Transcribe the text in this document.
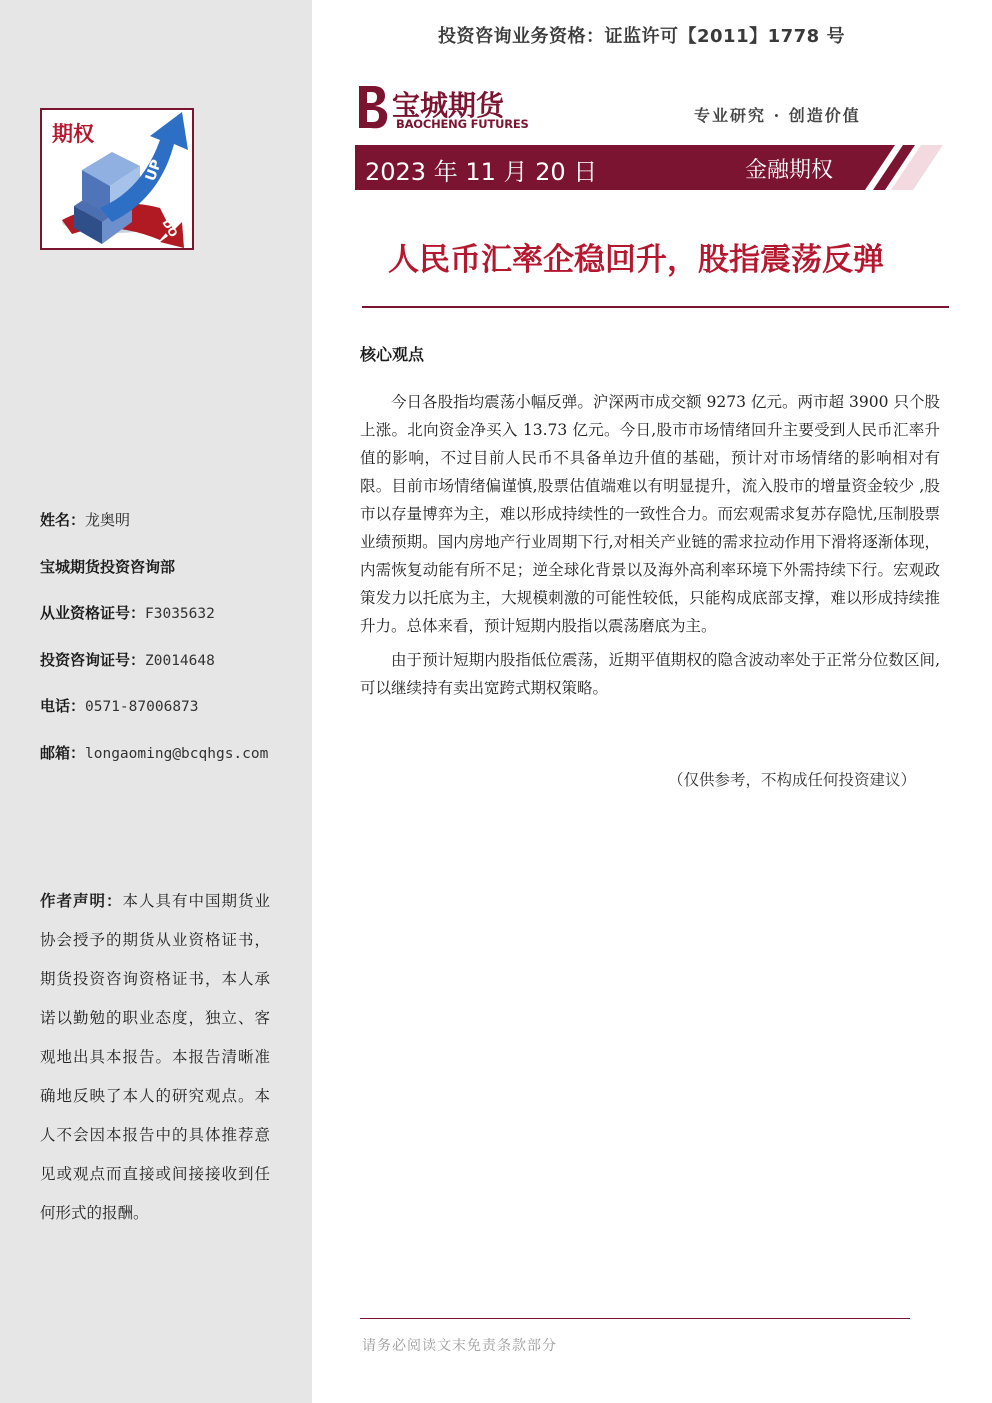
UP
DO
期权
姓名：龙奥明
宝城期货投资咨询部
从业资格证号：F3035632
投资咨询证号：Z0014648
电话：0571-87006873
邮箱：longaoming@bcqhgs.com
作者声明：本人具有中国期货业协会授予的期货从业资格证书，期货投资咨询资格证书，本人承诺以勤勉的职业态度，独立、客观地出具本报告。本报告清晰准确地反映了本人的研究观点。本人不会因本报告中的具体推荐意见或观点而直接或间接接收到任何形式的报酬。
投资咨询业务资格：证监许可【2011】1778 号
宝城期货
BAOCHENG FUTURES	专业研究 · 创造价值
2023 年 11 月 20 日	金融期权
人民币汇率企稳回升，股指震荡反弹
核心观点

今日各股指均震荡小幅反弹。沪深两市成交额 9273 亿元。两市超 3900 只个股上涨。北向资金净买入 13.73 亿元。今日,股市市场情绪回升主要受到人民币汇率升值的影响，不过目前人民币不具备单边升值的基础，预计对市场情绪的影响相对有限。目前市场情绪偏谨慎,股票估值端难以有明显提升，流入股市的增量资金较少 ,股市以存量博弈为主，难以形成持续性的一致性合力。而宏观需求复苏存隐忧,压制股票业绩预期。国内房地产行业周期下行,对相关产业链的需求拉动作用下滑将逐渐体现，内需恢复动能有所不足；逆全球化背景以及海外高利率环境下外需持续下行。宏观政策发力以托底为主，大规模刺激的可能性较低，只能构成底部支撑，难以形成持续推升力。总体来看，预计短期内股指以震荡磨底为主。

由于预计短期内股指低位震荡，近期平值期权的隐含波动率处于正常分位数区间,可以继续持有卖出宽跨式期权策略。

（仅供参考，不构成任何投资建议）
请务必阅读文末免责条款部分
